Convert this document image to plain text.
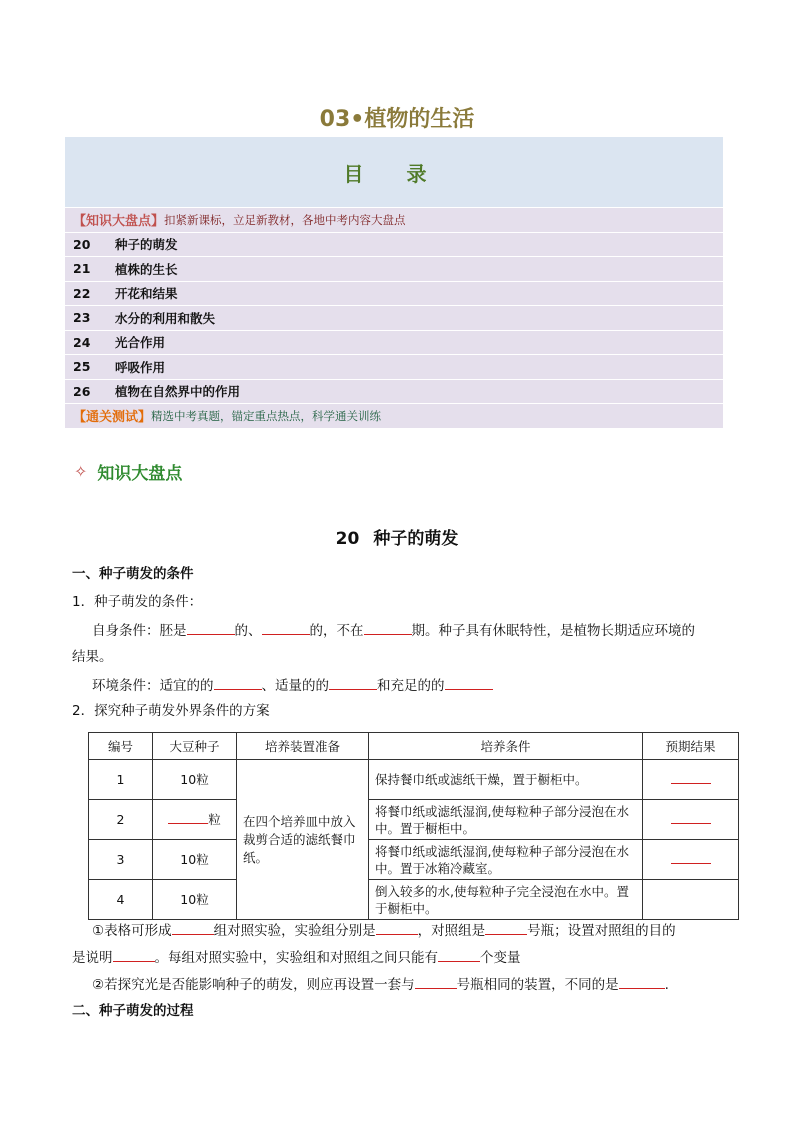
03•植物的生活
目 录
【知识大盘点】 扣紧新课标，立足新教材，各地中考内容大盘点
20	种子的萌发
21	植株的生长
22	开花和结果
23	水分的利用和散失
24	光合作用
25	呼吸作用
26	植物在自然界中的作用
【通关测试】 精选中考真题，锚定重点热点，科学通关训练
✧ 知识大盘点
20 种子的萌发
一、种子萌发的条件
1．种子萌发的条件：
自身条件：胚是	的、	的，不在	期。种子具有休眠特性，是植物长期适应环境的
结果。
环境条件：适宜的的	、适量的的	和充足的的
2．探究种子萌发外界条件的方案
编号	大豆种子	培养装置准备	培养条件	预期结果
1	10粒	在四个培养皿中放入裁剪合适的滤纸餐巾纸。	保持餐巾纸或滤纸干燥，置于橱柜中。	
2	粒		将餐巾纸或滤纸湿润,使每粒种子部分浸泡在水中。置于橱柜中。	
3	10粒		将餐巾纸或滤纸湿润,使每粒种子部分浸泡在水中。置于冰箱冷藏室。	
4	10粒		倒入较多的水,使每粒种子完全浸泡在水中。置于橱柜中。	
①表格可形成	组对照实验，实验组分别是	，对照组是	号瓶；设置对照组的目的
是说明	。每组对照实验中，实验组和对照组之间只能有	个变量
②若探究光是否能影响种子的萌发，则应再设置一套与	号瓶相同的装置，不同的是	.
二、种子萌发的过程
